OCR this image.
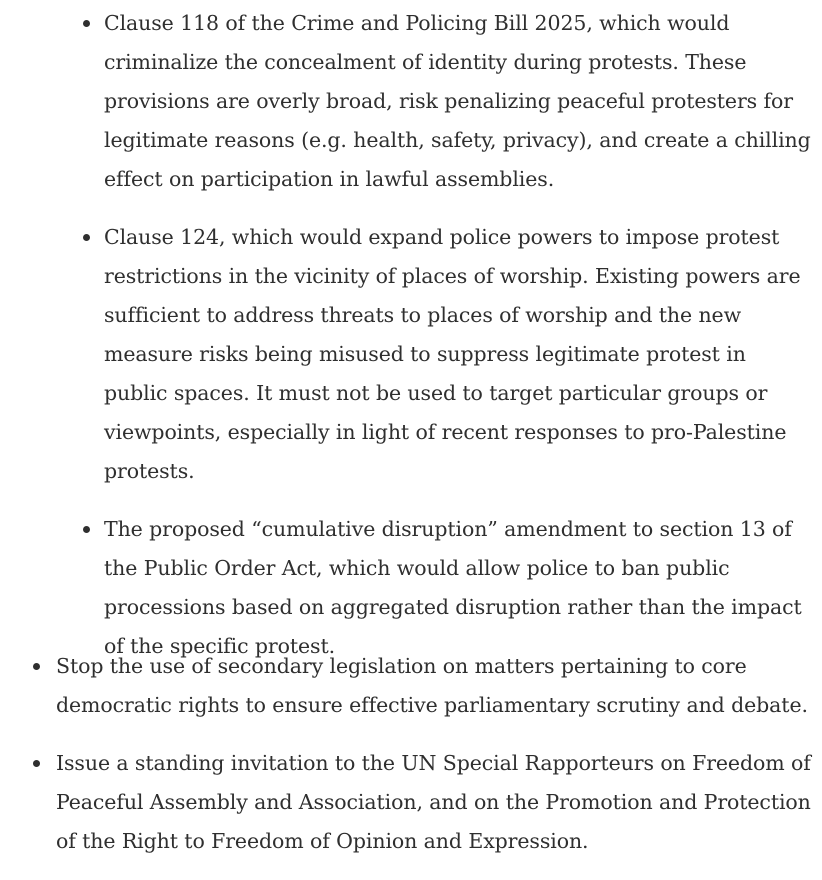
Clause 118 of the Crime and Policing Bill 2025, which would criminalize the concealment of identity during protests. These provisions are overly broad, risk penalizing peaceful protesters for legitimate reasons (e.g. health, safety, privacy), and create a chilling effect on participation in lawful assemblies.
Clause 124, which would expand police powers to impose protest restrictions in the vicinity of places of worship. Existing powers are sufficient to address threats to places of worship and the new measure risks being misused to suppress legitimate protest in public spaces. It must not be used to target particular groups or viewpoints, especially in light of recent responses to pro-Palestine protests.
The proposed “cumulative disruption” amendment to section 13 of the Public Order Act, which would allow police to ban public processions based on aggregated disruption rather than the impact of the specific protest.
Stop the use of secondary legislation on matters pertaining to core democratic rights to ensure effective parliamentary scrutiny and debate.
Issue a standing invitation to the UN Special Rapporteurs on Freedom of Peaceful Assembly and Association, and on the Promotion and Protection of the Right to Freedom of Opinion and Expression.
